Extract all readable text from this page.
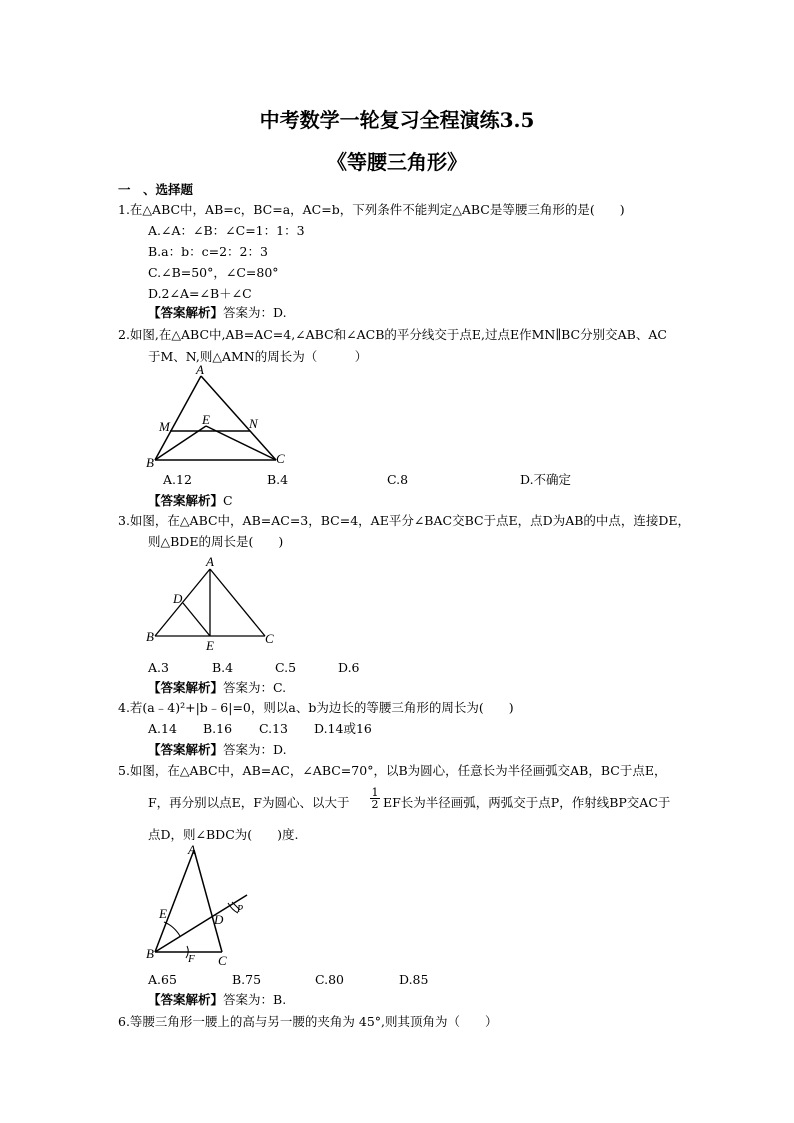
中考数学一轮复习全程演练3.5
《等腰三角形》
一　、选择题
1.在△ABC中，AB=c，BC=a，AC=b，下列条件不能判定△ABC是等腰三角形的是(　　)
A.∠A：∠B：∠C=1：1：3
B.a：b：c=2：2：3
C.∠B=50°，∠C=80°
D.2∠A=∠B＋∠C
【答案解析】答案为：D.
2.如图,在△ABC中,AB=AC=4,∠ABC和∠ACB的平分线交于点E,过点E作MN∥BC分别交AB、AC
于M、N,则△AMN的周长为（　　　）
A
M E	N
B	C
A.12	B.4	C.8	D.不确定
【答案解析】C
3.如图，在△ABC中，AB=AC=3，BC=4，AE平分∠BAC交BC于点E，点D为AB的中点，连接DE，
则△BDE的周长是(　　)
A
D
B
E	C
A.3	B.4	C.5	D.6
【答案解析】答案为：C.
4.若(a﹣4)²+|b﹣6|=0，则以a、b为边长的等腰三角形的周长为(　　)
A.14 B.16 C.13 D.14或16
【答案解析】答案为：D.
5.如图，在△ABC中，AB=AC，∠ABC=70°，以B为圆心，任意长为半径画弧交AB，BC于点E，
F，再分别以点E，F为圆心、以大于 $\frac{1}{2}$ EF长为半径画弧，两弧交于点P，作射线BP交AC于
点D，则∠BDC为(　　)度.
A
E	D
P
B	F C
A.65	B.75	C.80	D.85
【答案解析】答案为：B.
6.等腰三角形一腰上的高与另一腰的夹角为 45°,则其顶角为（　　）
